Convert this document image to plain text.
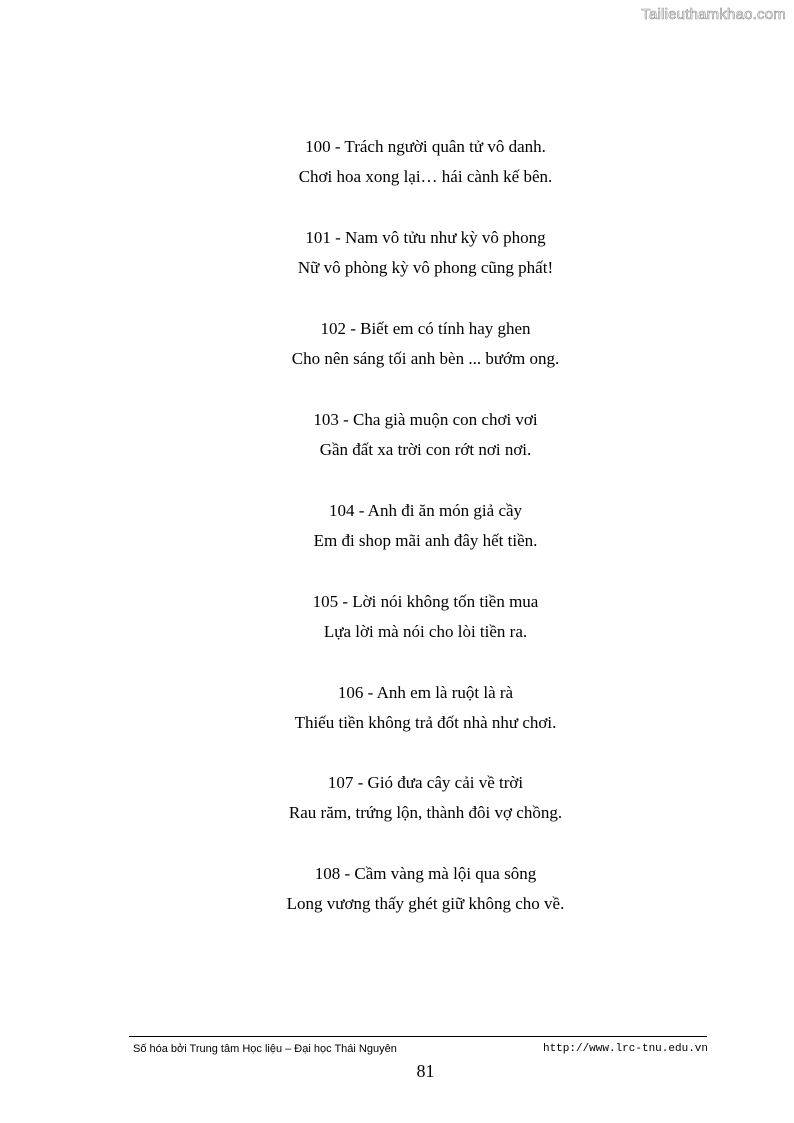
Tailieuthamkhao.com
100 - Trách người quân tử vô danh.
Chơi hoa xong lại… hái cành kế bên.
101 - Nam vô tửu như kỳ vô phong
Nữ vô phòng kỳ vô phong cũng phất!
102 - Biết em có tính hay ghen
Cho nên sáng tối anh bèn ... bướm ong.
103 - Cha già muộn con chơi vơi
Gần đất xa trời con rớt nơi nơi.
104 - Anh đi ăn món giả cầy
Em đi shop mãi anh đây hết tiền.
105 - Lời nói không tốn tiền mua
Lựa lời mà nói cho lòi tiền ra.
106 - Anh em là ruột là rà
Thiếu tiền không trả đốt nhà như chơi.
107 - Gió đưa cây cải về trời
Rau răm, trứng lộn, thành đôi vợ chồng.
108 - Cầm vàng mà lội qua sông
Long vương thấy ghét giữ không cho về.
Số hóa bởi Trung tâm Học liệu – Đại học Thái Nguyên	http://www.lrc-tnu.edu.vn
81
